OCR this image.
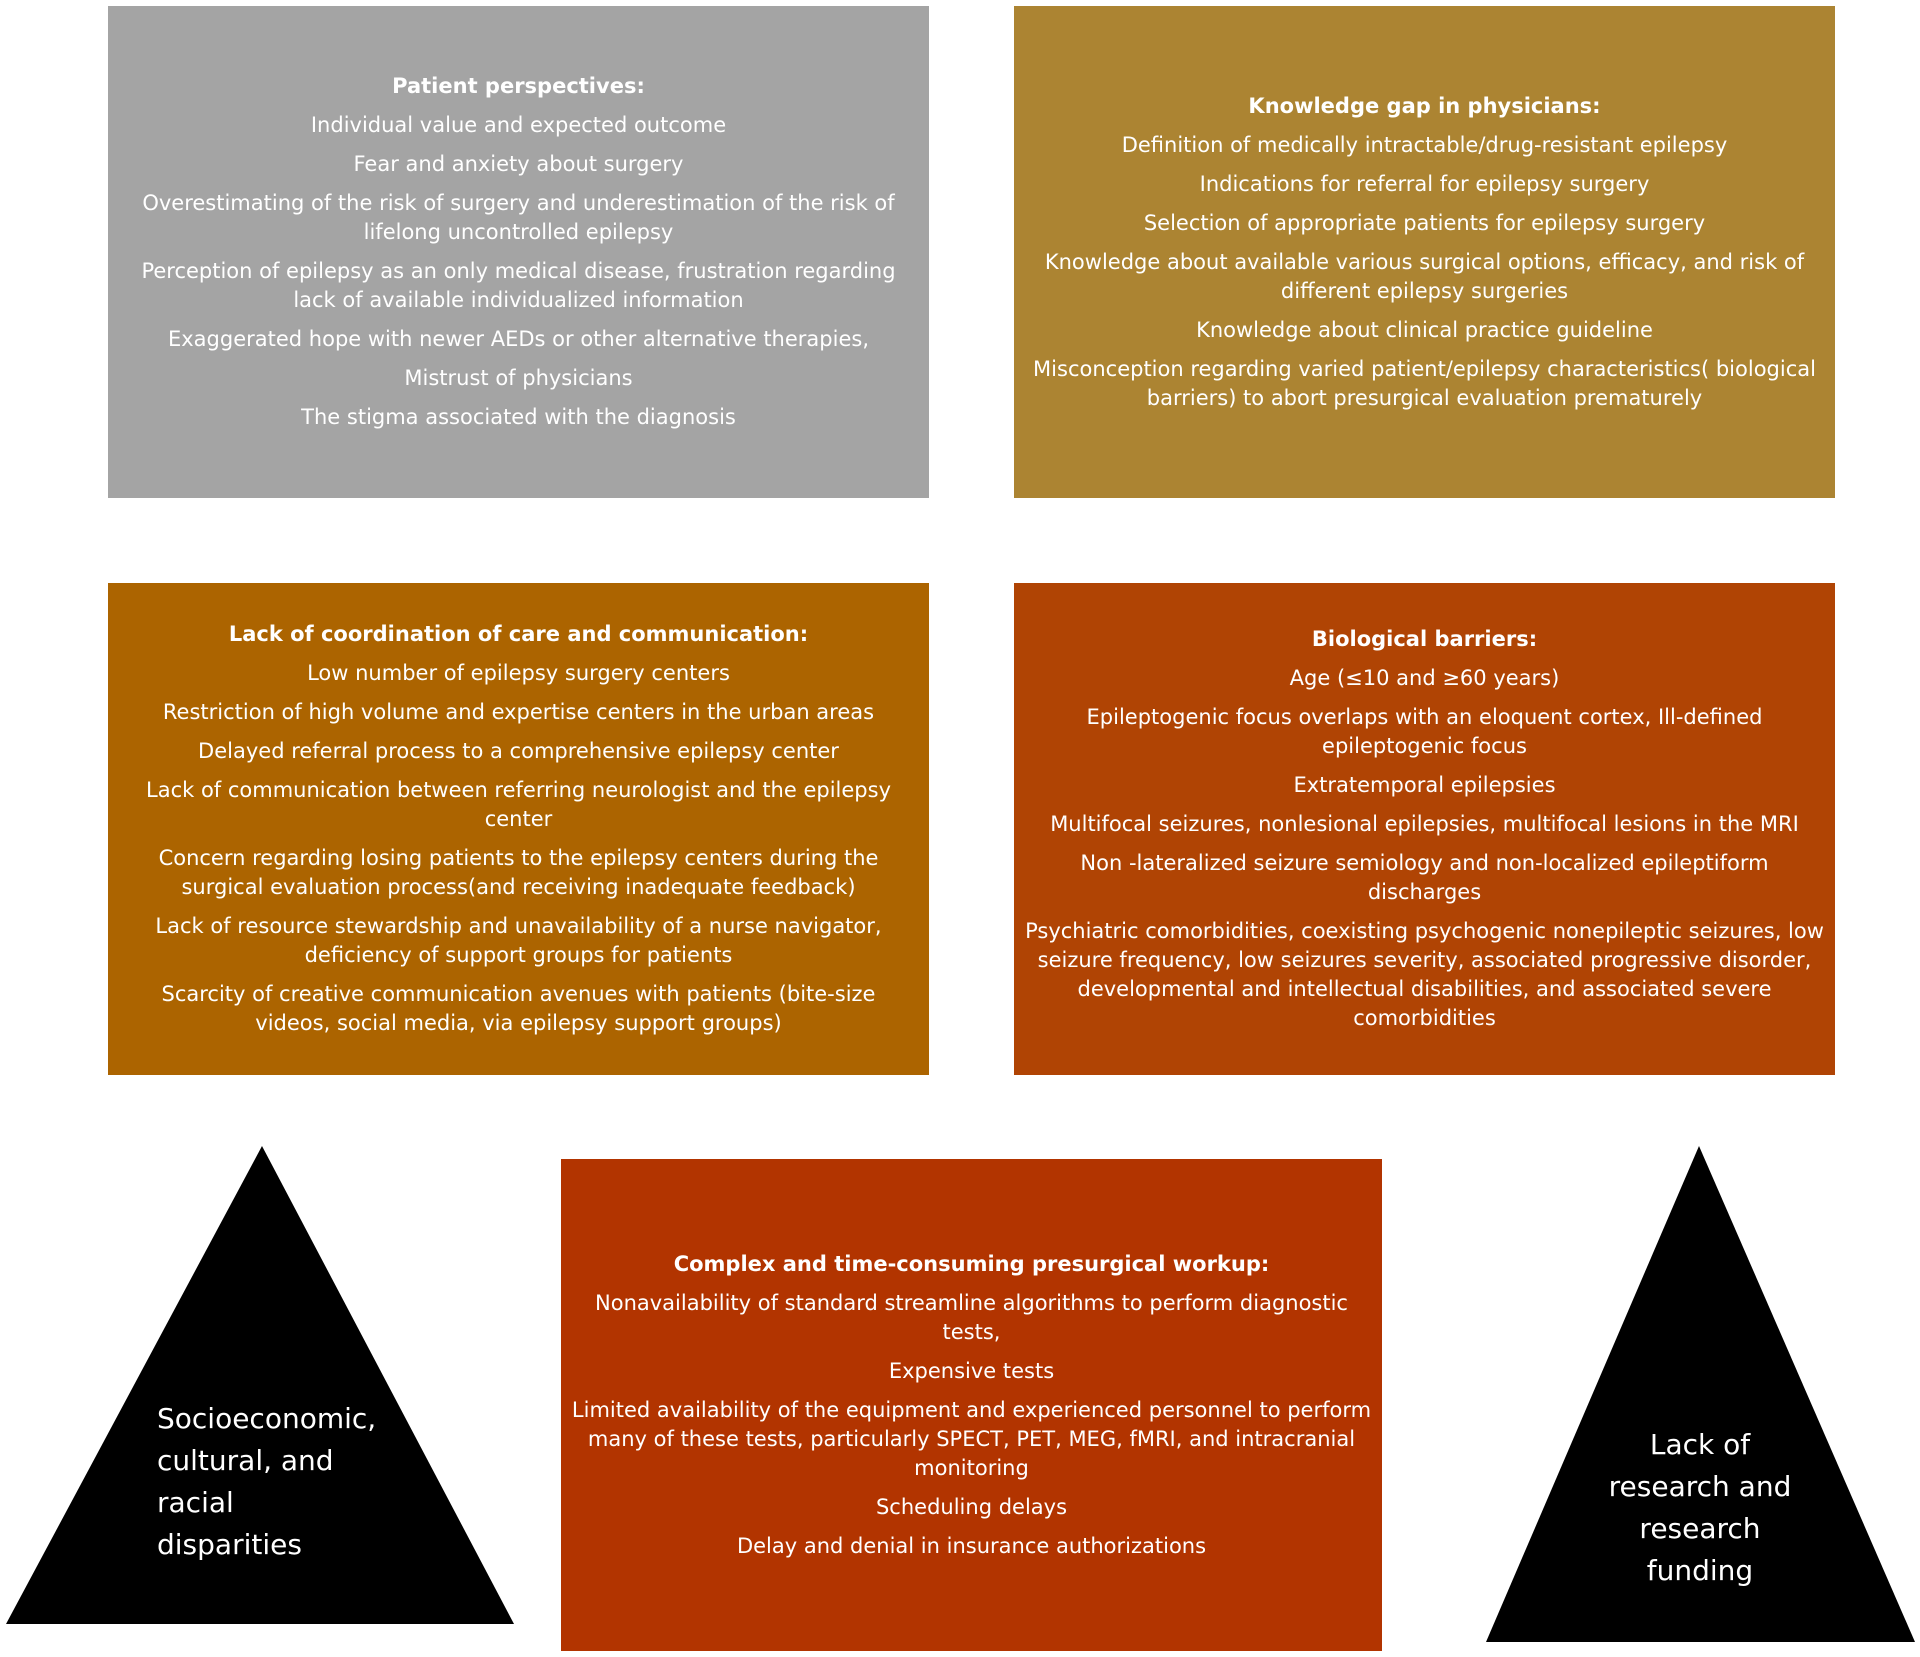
Patient perspectives:
Individual value and expected outcome
Fear and anxiety about surgery
Overestimating of the risk of surgery and underestimation of the risk of lifelong uncontrolled epilepsy
Perception of epilepsy as an only medical disease, frustration regarding lack of available individualized information
Exaggerated hope with newer AEDs or other alternative therapies,
Mistrust of physicians
The stigma associated with the diagnosis
Knowledge gap in physicians:
Definition of medically intractable/drug-resistant epilepsy
Indications for referral for epilepsy surgery
Selection of appropriate patients for epilepsy surgery
Knowledge about available various surgical options, efficacy, and risk of different epilepsy surgeries
Knowledge about clinical practice guideline
Misconception regarding varied patient/epilepsy characteristics( biological barriers) to abort presurgical evaluation prematurely
Lack of coordination of care and communication:
Low number of epilepsy surgery centers
Restriction of high volume and expertise centers in the urban areas
Delayed referral process to a comprehensive epilepsy center
Lack of communication between referring neurologist and the epilepsy center
Concern regarding losing patients to the epilepsy centers during the surgical evaluation process(and receiving inadequate feedback)
Lack of resource stewardship and unavailability of a nurse navigator, deficiency of support groups for patients
Scarcity of creative communication avenues with patients (bite-size videos, social media, via epilepsy support groups)
Biological barriers:
Age (≤10 and ≥60 years)
Epileptogenic focus overlaps with an eloquent cortex, Ill-defined epileptogenic focus
Extratemporal epilepsies
Multifocal seizures, nonlesional epilepsies, multifocal lesions in the MRI
Non -lateralized seizure semiology and non-localized epileptiform discharges
Psychiatric comorbidities, coexisting psychogenic nonepileptic seizures, low seizure frequency, low seizures severity, associated progressive disorder, developmental and intellectual disabilities, and associated severe comorbidities
Complex and time-consuming presurgical workup:
Nonavailability of standard streamline algorithms to perform diagnostic tests,
Expensive tests
Limited availability of the equipment and experienced personnel to perform many of these tests, particularly SPECT, PET, MEG, fMRI, and intracranial monitoring
Scheduling delays
Delay and denial in insurance authorizations
Socioeconomic,
cultural, and
racial
disparities
Lack of
research and
research
funding
